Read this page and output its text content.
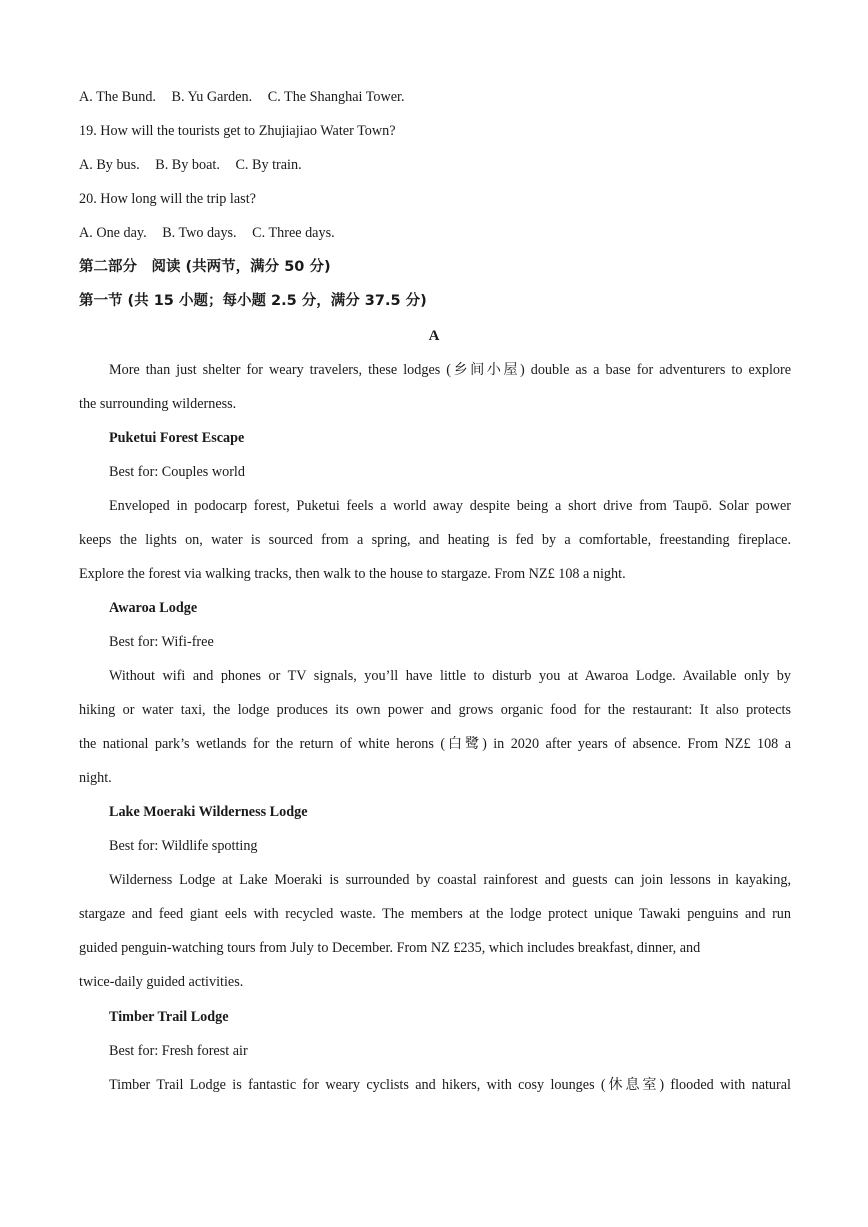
A. The Bund. B. Yu Garden. C. The Shanghai Tower.
19. How will the tourists get to Zhujiajiao Water Town?
A. By bus. B. By boat. C. By train.
20. How long will the trip last?
A. One day. B. Two days. C. Three days.
第二部分　阅读 (共两节，满分 50 分)
第一节 (共 15 小题；每小题 2.5 分，满分 37.5 分)
A
More than just shelter for weary travelers, these lodges (乡间小屋) double as a base for adventurers to explore
the surrounding wilderness.
Puketui Forest Escape
Best for: Couples world
Enveloped in podocarp forest, Puketui feels a world away despite being a short drive from Taupō. Solar power
keeps the lights on, water is sourced from a spring, and heating is fed by a comfortable, freestanding fireplace.
Explore the forest via walking tracks, then walk to the house to stargaze. From NZ£ 108 a night.
Awaroa Lodge
Best for: Wifi-free
Without wifi and phones or TV signals, you’ll have little to disturb you at Awaroa Lodge. Available only by
hiking or water taxi, the lodge produces its own power and grows organic food for the restaurant: It also protects
the national park’s wetlands for the return of white herons (白鹭) in 2020 after years of absence. From NZ£ 108 a
night.
Lake Moeraki Wilderness Lodge
Best for: Wildlife spotting
Wilderness Lodge at Lake Moeraki is surrounded by coastal rainforest and guests can join lessons in kayaking,
stargaze and feed giant eels with recycled waste. The members at the lodge protect unique Tawaki penguins and run
guided penguin-watching tours from July to December. From NZ £235, which includes breakfast, dinner, and
twice-daily guided activities.
Timber Trail Lodge
Best for: Fresh forest air
Timber Trail Lodge is fantastic for weary cyclists and hikers, with cosy lounges (休息室) flooded with natural
